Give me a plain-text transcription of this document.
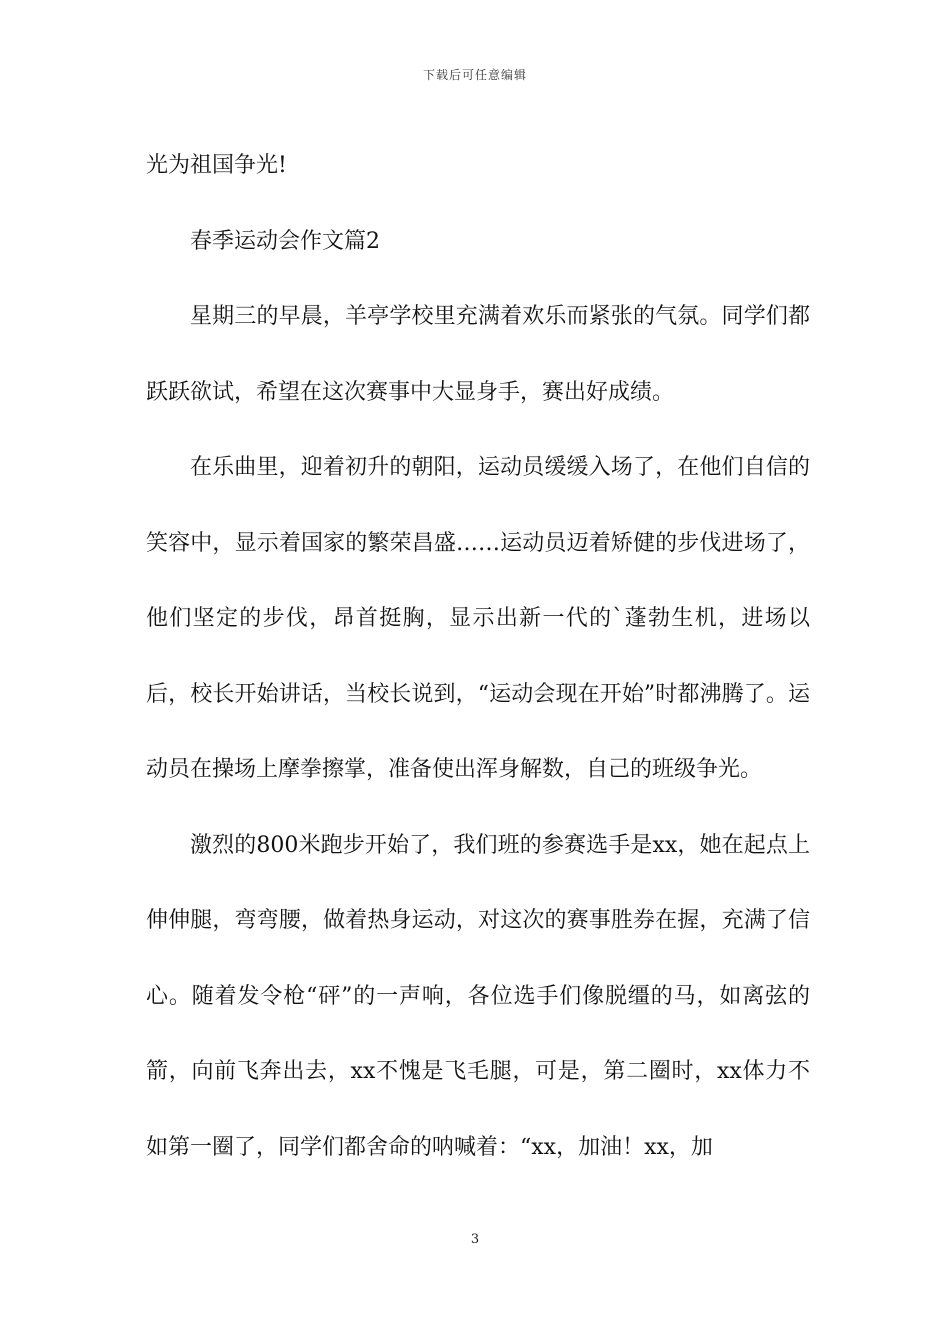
下载后可任意编辑

光为祖国争光!

春季运动会作文篇2

星期三的早晨，羊亭学校里充满着欢乐而紧张的气氛。同学们都跃跃欲试，希望在这次赛事中大显身手，赛出好成绩。

在乐曲里，迎着初升的朝阳，运动员缓缓入场了，在他们自信的笑容中，显示着国家的繁荣昌盛……运动员迈着矫健的步伐进场了，他们坚定的步伐，昂首挺胸，显示出新一代的`蓬勃生机，进场以后，校长开始讲话，当校长说到，“运动会现在开始”时都沸腾了。运动员在操场上摩拳擦掌，准备使出浑身解数，自己的班级争光。

激烈的800米跑步开始了，我们班的参赛选手是xx，她在起点上伸伸腿，弯弯腰，做着热身运动，对这次的赛事胜券在握，充满了信心。随着发令枪“砰”的一声响，各位选手们像脱缰的马，如离弦的箭，向前飞奔出去，xx不愧是飞毛腿，可是，第二圈时，xx体力不如第一圈了，同学们都舍命的呐喊着：“xx，加油！xx，加

3
